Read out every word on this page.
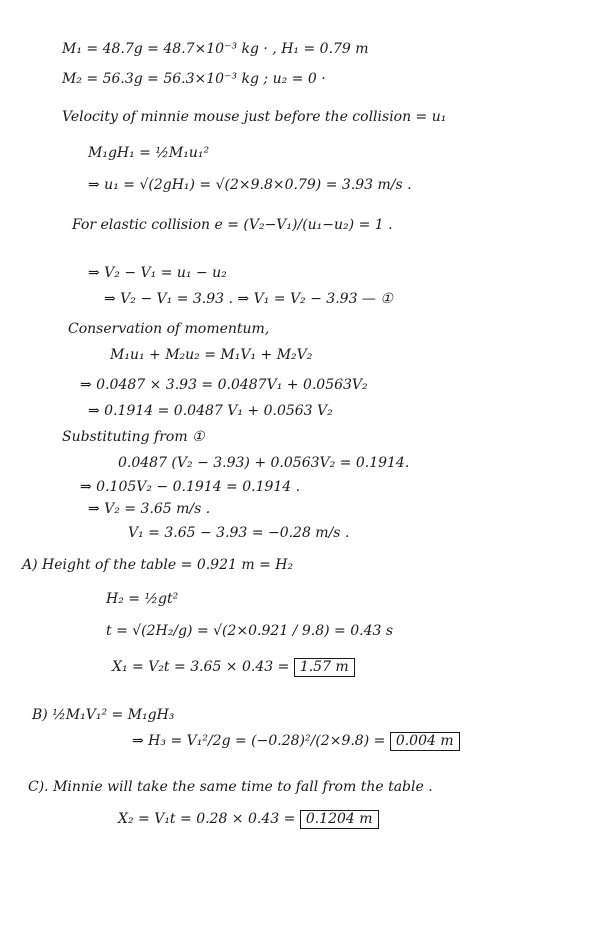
M₁ = 48.7g = 48.7×10⁻³ kg · , H₁ = 0.79 m
M₂ = 56.3g = 56.3×10⁻³ kg ; u₂ = 0 ·
Velocity of minnie mouse just before the collision = u₁
M₁gH₁ = ½M₁u₁²
⇒ u₁ = √(2gH₁) = √(2×9.8×0.79) = 3.93 m/s .
For elastic collision e = (V₂−V₁)/(u₁−u₂) = 1 .
⇒ V₂ − V₁ = u₁ − u₂
⇒ V₂ − V₁ = 3.93 . ⇒ V₁ = V₂ − 3.93 — ①
Conservation of momentum,
M₁u₁ + M₂u₂ = M₁V₁ + M₂V₂
⇒ 0.0487 × 3.93 = 0.0487V₁ + 0.0563V₂
⇒ 0.1914 = 0.0487 V₁ + 0.0563 V₂
Substituting from ①
0.0487 (V₂ − 3.93) + 0.0563V₂ = 0.1914.
⇒ 0.105V₂ − 0.1914 = 0.1914 .
⇒ V₂ = 3.65 m/s .
V₁ = 3.65 − 3.93 = −0.28 m/s .
A) Height of the table = 0.921 m = H₂
H₂ = ½gt²
t = √(2H₂/g) = √(2×0.921 / 9.8) = 0.43 s
X₁ = V₂t = 3.65 × 0.43 = 1.57 m
B) ½M₁V₁² = M₁gH₃
⇒ H₃ = V₁²/2g = (−0.28)²/(2×9.8) = 0.004 m
C). Minnie will take the same time to fall from the table .
X₂ = V₁t = 0.28 × 0.43 = 0.1204 m
